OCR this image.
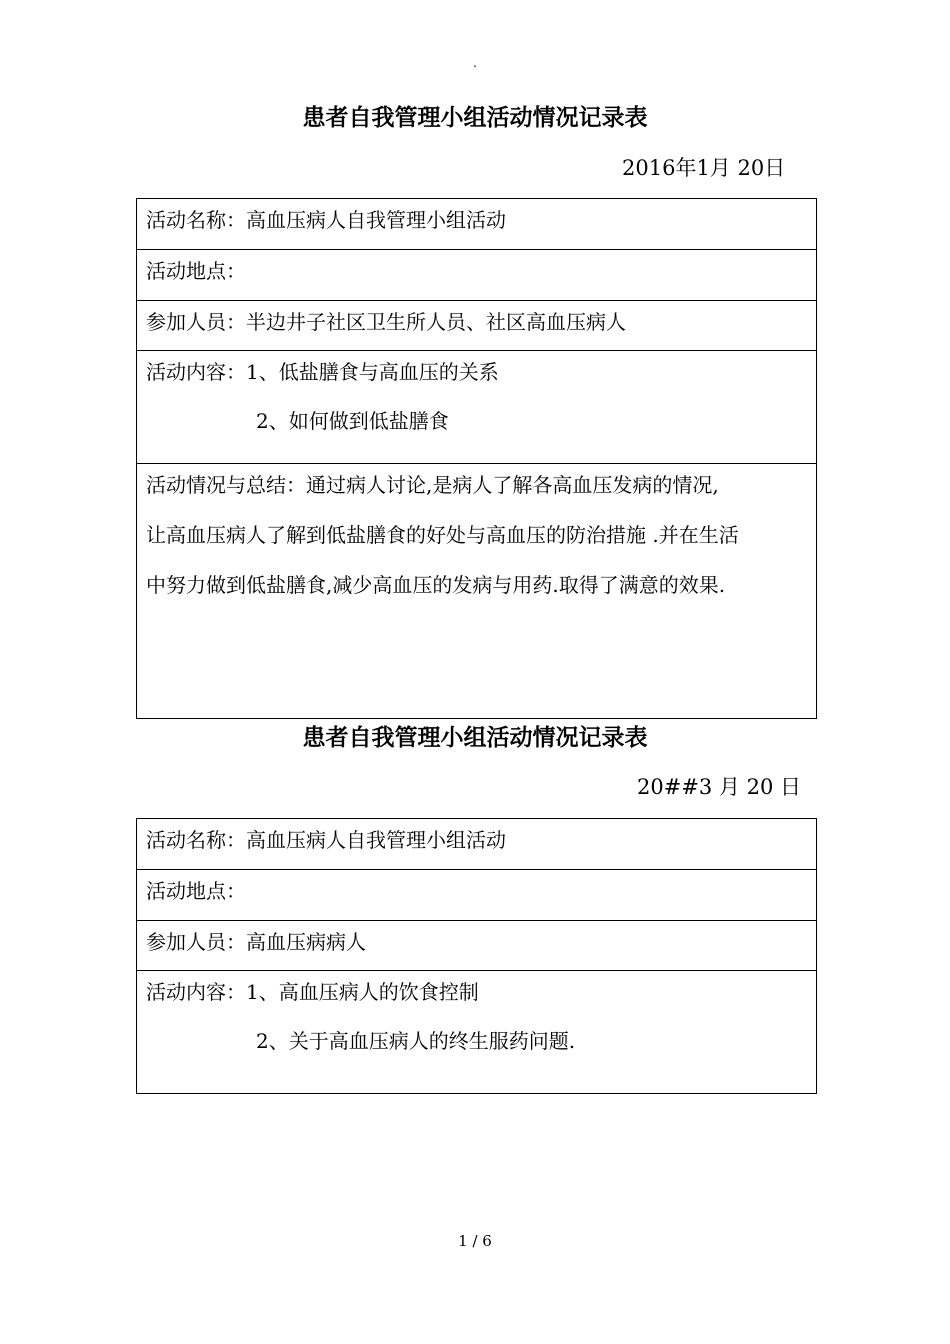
.
患者自我管理小组活动情况记录表
2016年1月 20日
活动名称：高血压病人自我管理小组活动

活动地点：

参加人员：半边井子社区卫生所人员、社区高血压病人

活动内容：1、低盐膳食与高血压的关系
2、如何做到低盐膳食

活动情况与总结：通过病人讨论,是病人了解各高血压发病的情况,
让高血压病人了解到低盐膳食的好处与高血压的防治措施 .并在生活
中努力做到低盐膳食,减少高血压的发病与用药.取得了满意的效果.
患者自我管理小组活动情况记录表
20##3 月 20 日
活动名称：高血压病人自我管理小组活动

活动地点：

参加人员：高血压病病人

活动内容：1、高血压病人的饮食控制
2、关于高血压病人的终生服药问题.
1 / 6
